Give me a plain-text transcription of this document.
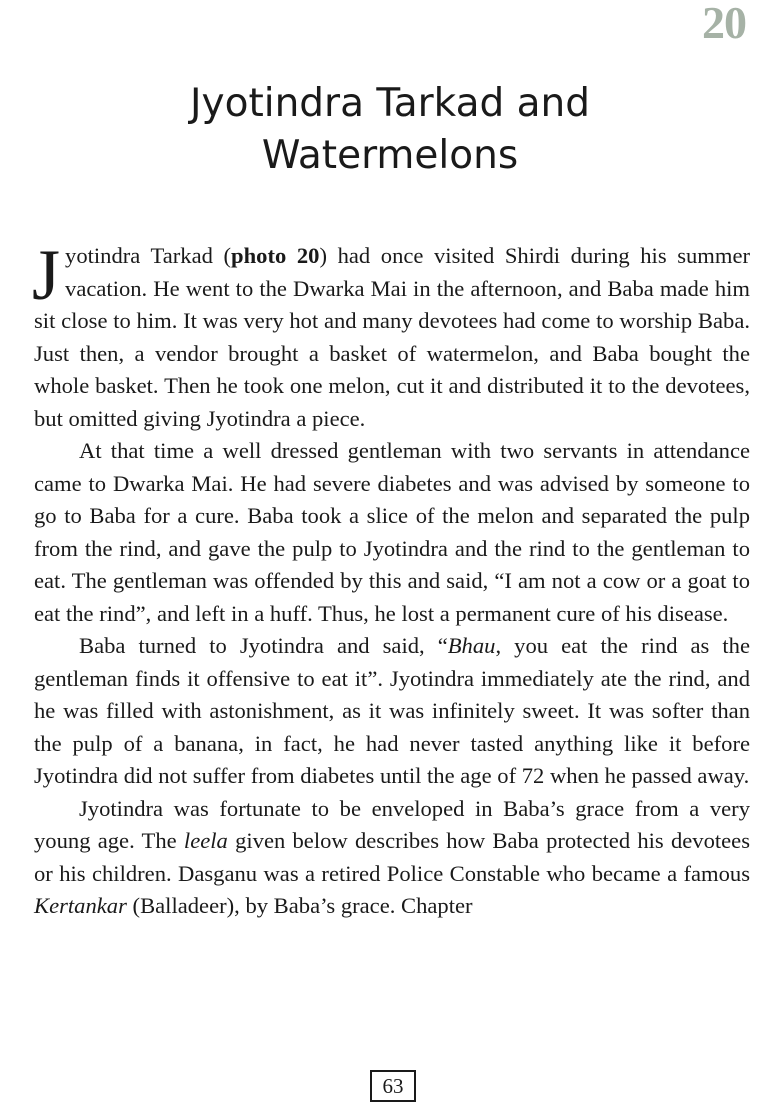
20
Jyotindra Tarkad and
Watermelons

Jyotindra Tarkad (photo 20) had once visited Shirdi during his summer vacation. He went to the Dwarka Mai in the afternoon, and Baba made him sit close to him. It was very hot and many devotees had come to worship Baba. Just then, a vendor brought a basket of watermelon, and Baba bought the whole basket. Then he took one melon, cut it and distributed it to the devotees, but omitted giving Jyotindra a piece.

At that time a well dressed gentleman with two servants in attendance came to Dwarka Mai. He had severe diabetes and was advised by someone to go to Baba for a cure. Baba took a slice of the melon and separated the pulp from the rind, and gave the pulp to Jyotindra and the rind to the gentleman to eat. The gentleman was offended by this and said, “I am not a cow or a goat to eat the rind”, and left in a huff. Thus, he lost a permanent cure of his disease.

Baba turned to Jyotindra and said, “Bhau, you eat the rind as the gentleman finds it offensive to eat it”. Jyotindra immediately ate the rind, and he was filled with astonishment, as it was infinitely sweet. It was softer than the pulp of a banana, in fact, he had never tasted anything like it before Jyotindra did not suffer from diabetes until the age of 72 when he passed away.

Jyotindra was fortunate to be enveloped in Baba’s grace from a very young age. The leela given below describes how Baba protected his devotees or his children. Dasganu was a retired Police Constable who became a famous Kertankar (Balladeer), by Baba’s grace. Chapter

63
